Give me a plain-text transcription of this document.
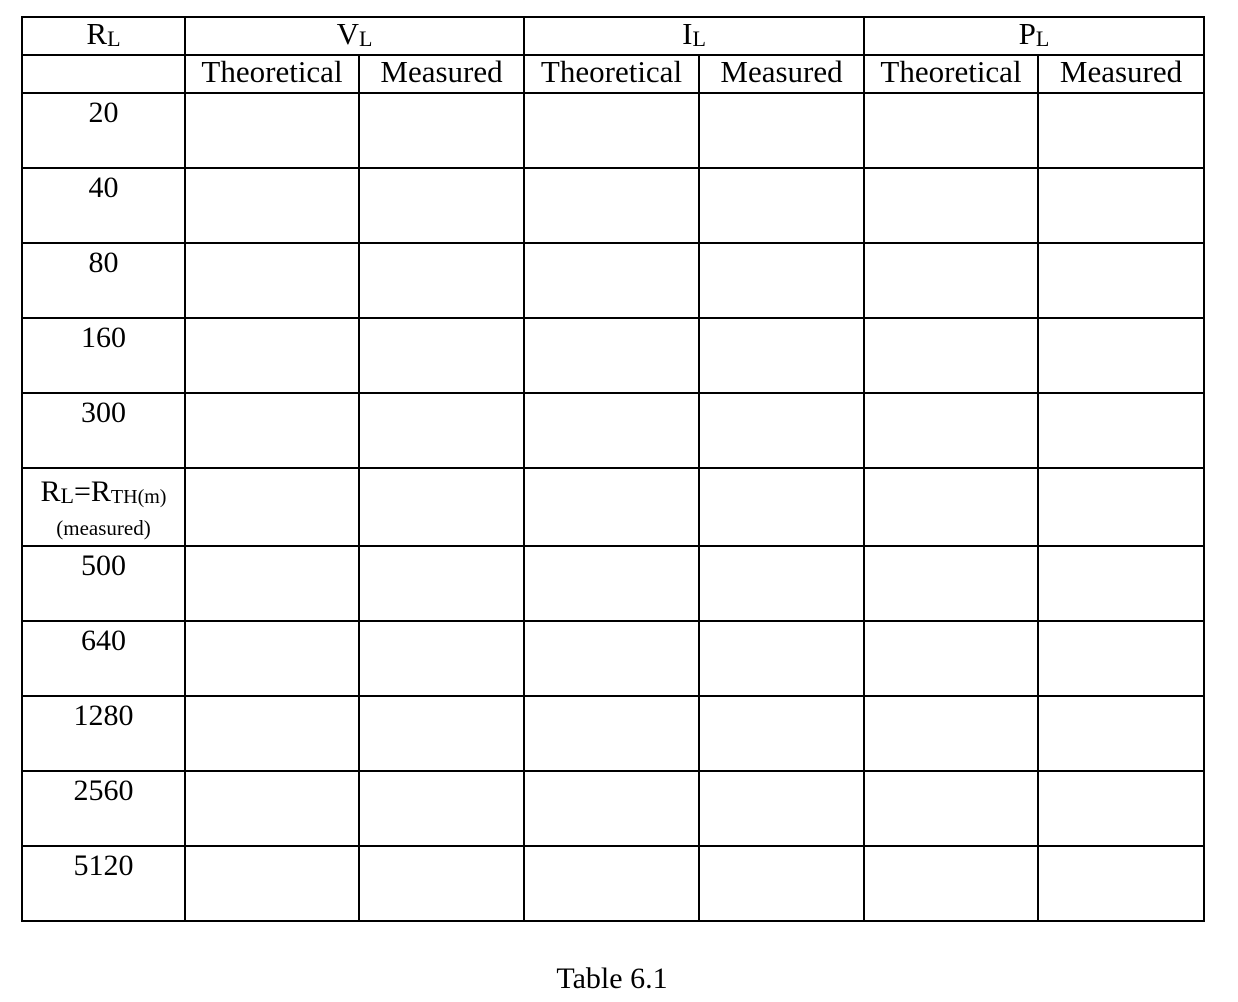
RL	VL		IL		PL	
	Theoretical	Measured	Theoretical	Measured	Theoretical	Measured
20						
40						
80						
160						
300						
RL=RTH(m)
(measured)						

500						
640						
1280						
2560						
5120						
Table 6.1
